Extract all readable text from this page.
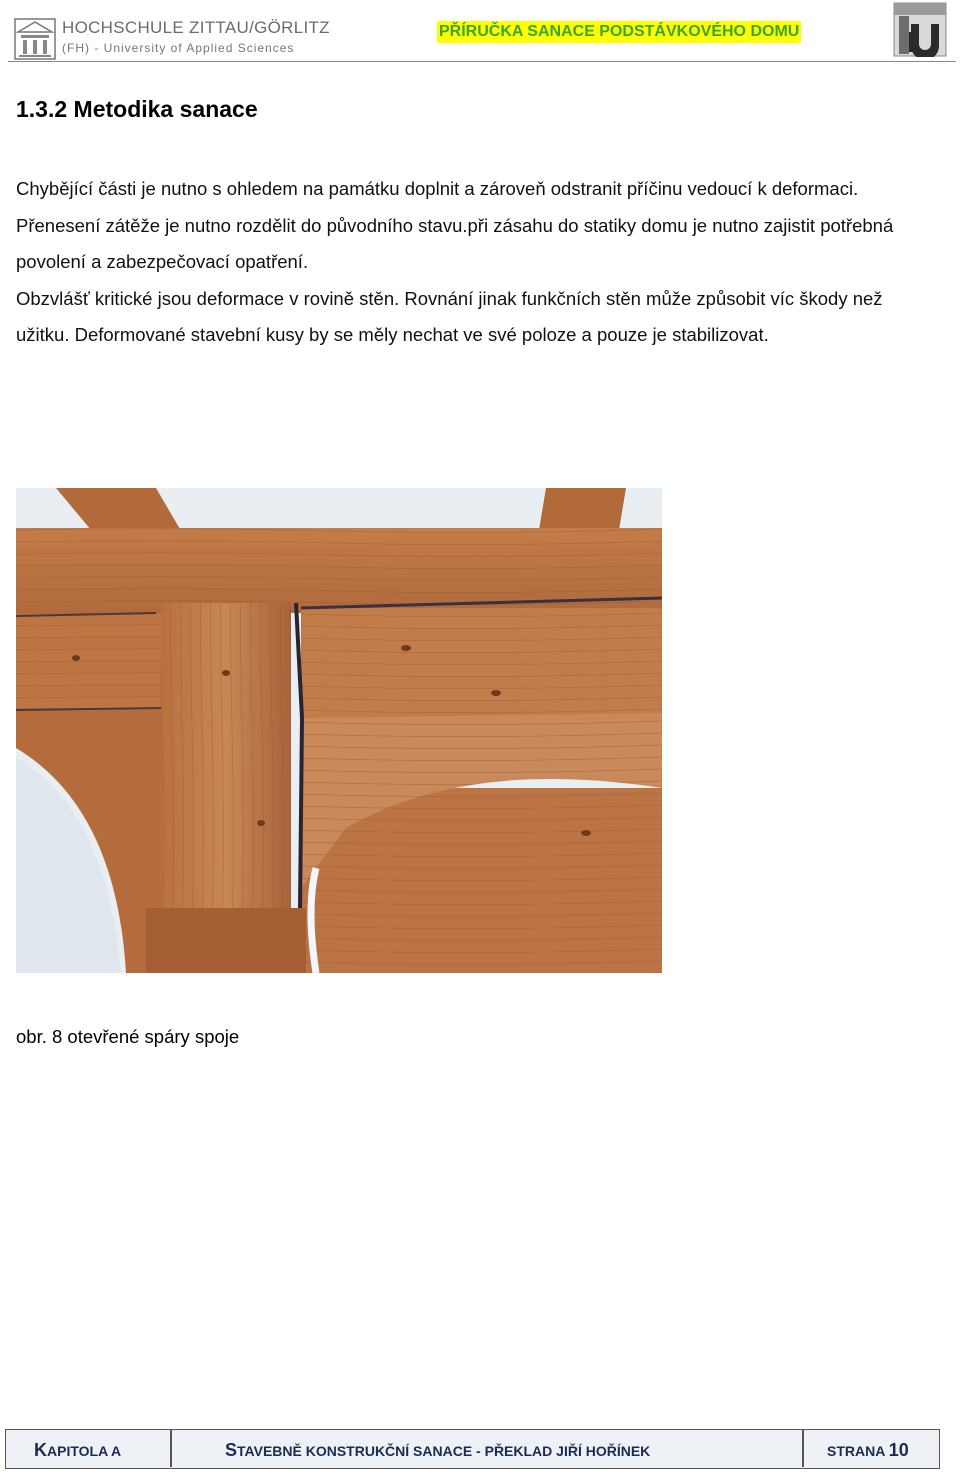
HOCHSCHULE ZITTAU/GÖRLITZ
(FH) - University of Applied Sciences
PŘÍRUČKA SANACE PODSTÁVKOVÉHO DOMU
1.3.2 Metodika sanace

Chybějící části je nutno s ohledem na památku doplnit a zároveň odstranit příčinu vedoucí k deformaci. Přenesení zátěže je nutno rozdělit do původního stavu.při zásahu do statiky domu je nutno zajistit potřebná povolení a zabezpečovací opatření.

Obzvlášť kritické jsou deformace v rovině stěn. Rovnání jinak funkčních stěn může způsobit víc škody než užitku. Deformované stavební kusy by se měly nechat ve své poloze a pouze je stabilizovat.

obr. 8 otevřené spáry spoje
KAPITOLA A	STAVEBNĚ KONSTRUKČNÍ SANACE - PŘEKLAD JIŘÍ HOŘÍNEK	STRANA 10
